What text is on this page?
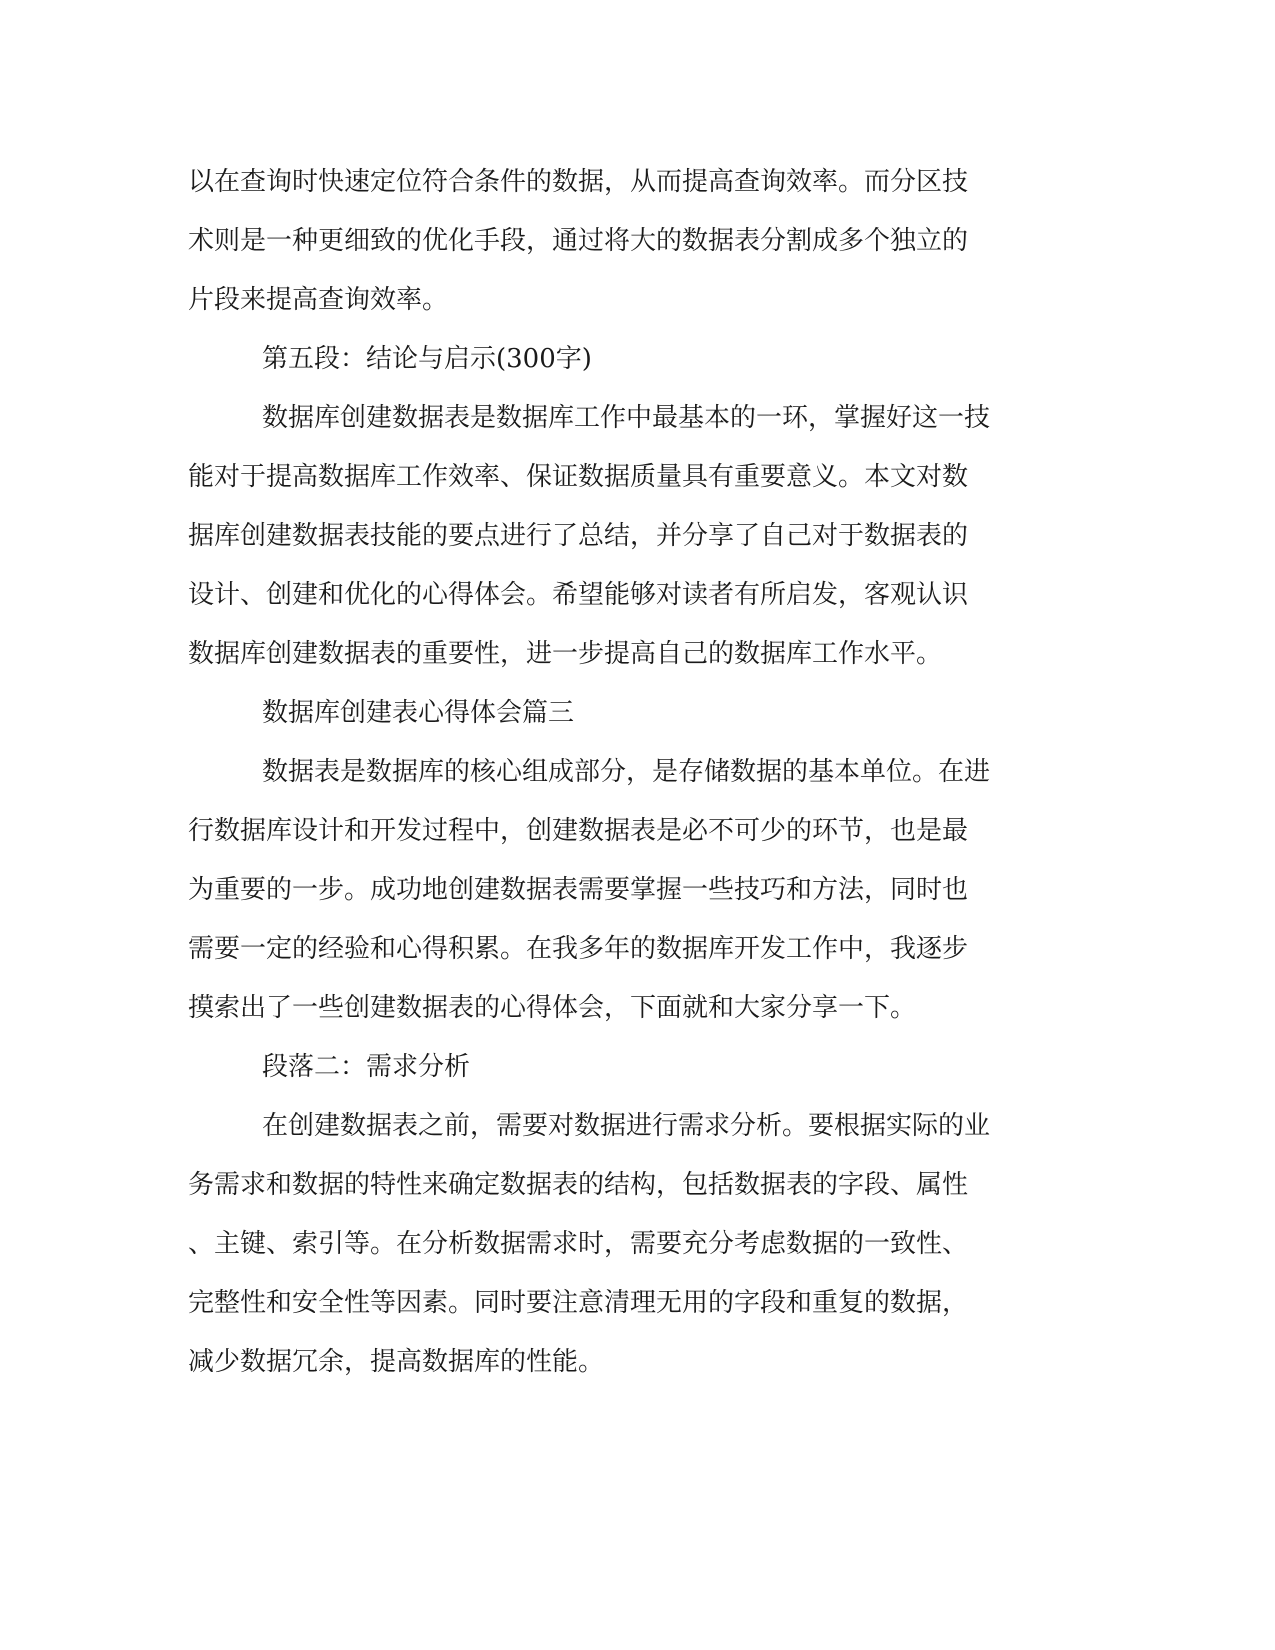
以在查询时快速定位符合条件的数据，从而提高查询效率。而分区技

术则是一种更细致的优化手段，通过将大的数据表分割成多个独立的

片段来提高查询效率。

第五段：结论与启示(300字)

数据库创建数据表是数据库工作中最基本的一环，掌握好这一技

能对于提高数据库工作效率、保证数据质量具有重要意义。本文对数

据库创建数据表技能的要点进行了总结，并分享了自己对于数据表的

设计、创建和优化的心得体会。希望能够对读者有所启发，客观认识

数据库创建数据表的重要性，进一步提高自己的数据库工作水平。

数据库创建表心得体会篇三

数据表是数据库的核心组成部分，是存储数据的基本单位。在进

行数据库设计和开发过程中，创建数据表是必不可少的环节，也是最

为重要的一步。成功地创建数据表需要掌握一些技巧和方法，同时也

需要一定的经验和心得积累。在我多年的数据库开发工作中，我逐步

摸索出了一些创建数据表的心得体会，下面就和大家分享一下。

段落二：需求分析

在创建数据表之前，需要对数据进行需求分析。要根据实际的业

务需求和数据的特性来确定数据表的结构，包括数据表的字段、属性

、主键、索引等。在分析数据需求时，需要充分考虑数据的一致性、

完整性和安全性等因素。同时要注意清理无用的字段和重复的数据，

减少数据冗余，提高数据库的性能。
